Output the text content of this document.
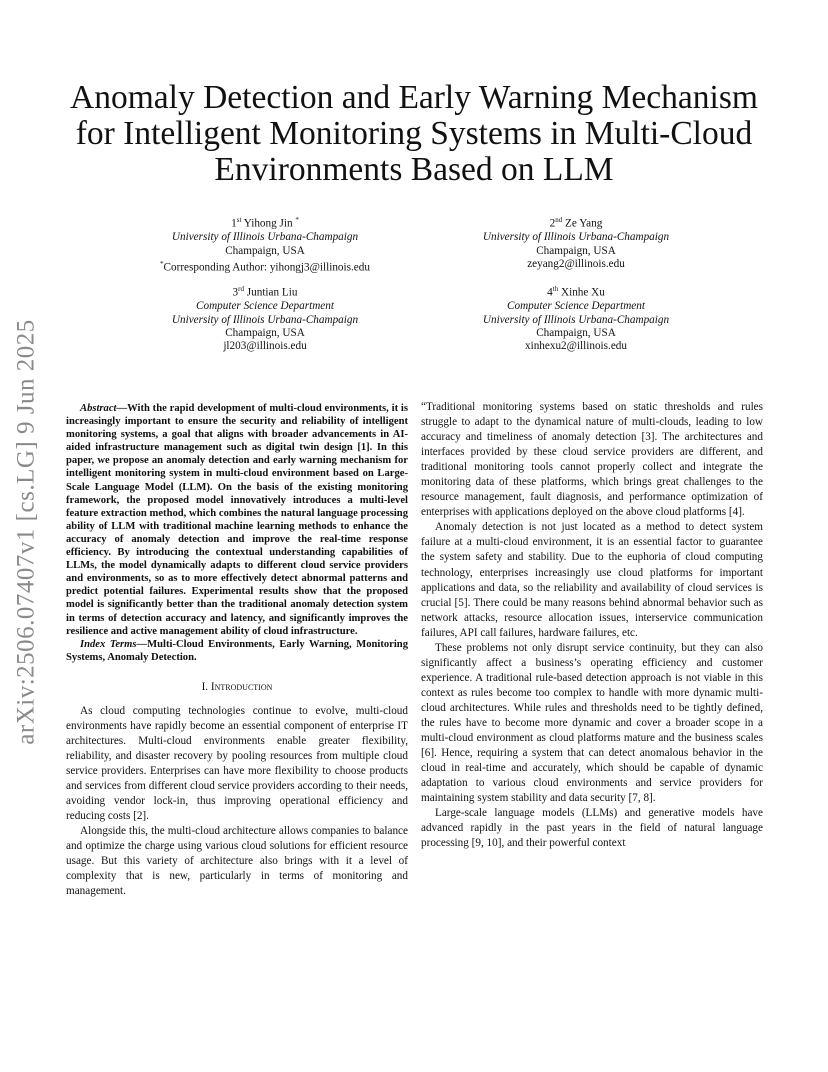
arXiv:2506.07407v1 [cs.LG] 9 Jun 2025
Anomaly Detection and Early Warning Mechanism for Intelligent Monitoring Systems in Multi-Cloud Environments Based on LLM
1st Yihong Jin *
University of Illinois Urbana-Champaign
Champaign, USA
*Corresponding Author: yihongj3@illinois.edu
2nd Ze Yang
University of Illinois Urbana-Champaign
Champaign, USA
zeyang2@illinois.edu
3rd Juntian Liu
Computer Science Department
University of Illinois Urbana-Champaign
Champaign, USA
jl203@illinois.edu
4th Xinhe Xu
Computer Science Department
University of Illinois Urbana-Champaign
Champaign, USA
xinhexu2@illinois.edu

Abstract—With the rapid development of multi-cloud environments, it is increasingly important to ensure the security and reliability of intelligent monitoring systems, a goal that aligns with broader advancements in AI-aided infrastructure management such as digital twin design [1]. In this paper, we propose an anomaly detection and early warning mechanism for intelligent monitoring system in multi-cloud environment based on Large-Scale Language Model (LLM). On the basis of the existing monitoring framework, the proposed model innovatively introduces a multi-level feature extraction method, which combines the natural language processing ability of LLM with traditional machine learning methods to enhance the accuracy of anomaly detection and improve the real-time response efficiency. By introducing the contextual understanding capabilities of LLMs, the model dynamically adapts to different cloud service providers and environments, so as to more effectively detect abnormal patterns and predict potential failures. Experimental results show that the proposed model is significantly better than the traditional anomaly detection system in terms of detection accuracy and latency, and significantly improves the resilience and active management ability of cloud infrastructure.

Index Terms—Multi-Cloud Environments, Early Warning, Monitoring Systems, Anomaly Detection.

I. Introduction

As cloud computing technologies continue to evolve, multi-cloud environments have rapidly become an essential component of enterprise IT architectures. Multi-cloud environments enable greater flexibility, reliability, and disaster recovery by pooling resources from multiple cloud service providers. Enterprises can have more flexibility to choose products and services from different cloud service providers according to their needs, avoiding vendor lock-in, thus improving operational efficiency and reducing costs [2].

Alongside this, the multi-cloud architecture allows companies to balance and optimize the charge using various cloud solutions for efficient resource usage. But this variety of architecture also brings with it a level of complexity that is new, particularly in terms of monitoring and management.

“Traditional monitoring systems based on static thresholds and rules struggle to adapt to the dynamical nature of multi-clouds, leading to low accuracy and timeliness of anomaly detection [3]. The architectures and interfaces provided by these cloud service providers are different, and traditional monitoring tools cannot properly collect and integrate the monitoring data of these platforms, which brings great challenges to the resource management, fault diagnosis, and performance optimization of enterprises with applications deployed on the above cloud platforms [4].

Anomaly detection is not just located as a method to detect system failure at a multi-cloud environment, it is an essential factor to guarantee the system safety and stability. Due to the euphoria of cloud computing technology, enterprises increasingly use cloud platforms for important applications and data, so the reliability and availability of cloud services is crucial [5]. There could be many reasons behind abnormal behavior such as network attacks, resource allocation issues, interservice communication failures, API call failures, hardware failures, etc.

These problems not only disrupt service continuity, but they can also significantly affect a business’s operating efficiency and customer experience. A traditional rule-based detection approach is not viable in this context as rules become too complex to handle with more dynamic multi-cloud architectures. While rules and thresholds need to be tightly defined, the rules have to become more dynamic and cover a broader scope in a multi-cloud environment as cloud platforms mature and the business scales [6]. Hence, requiring a system that can detect anomalous behavior in the cloud in real-time and accurately, which should be capable of dynamic adaptation to various cloud environments and service providers for maintaining system stability and data security [7, 8].

Large-scale language models (LLMs) and generative models have advanced rapidly in the past years in the field of natural language processing [9, 10], and their powerful context
